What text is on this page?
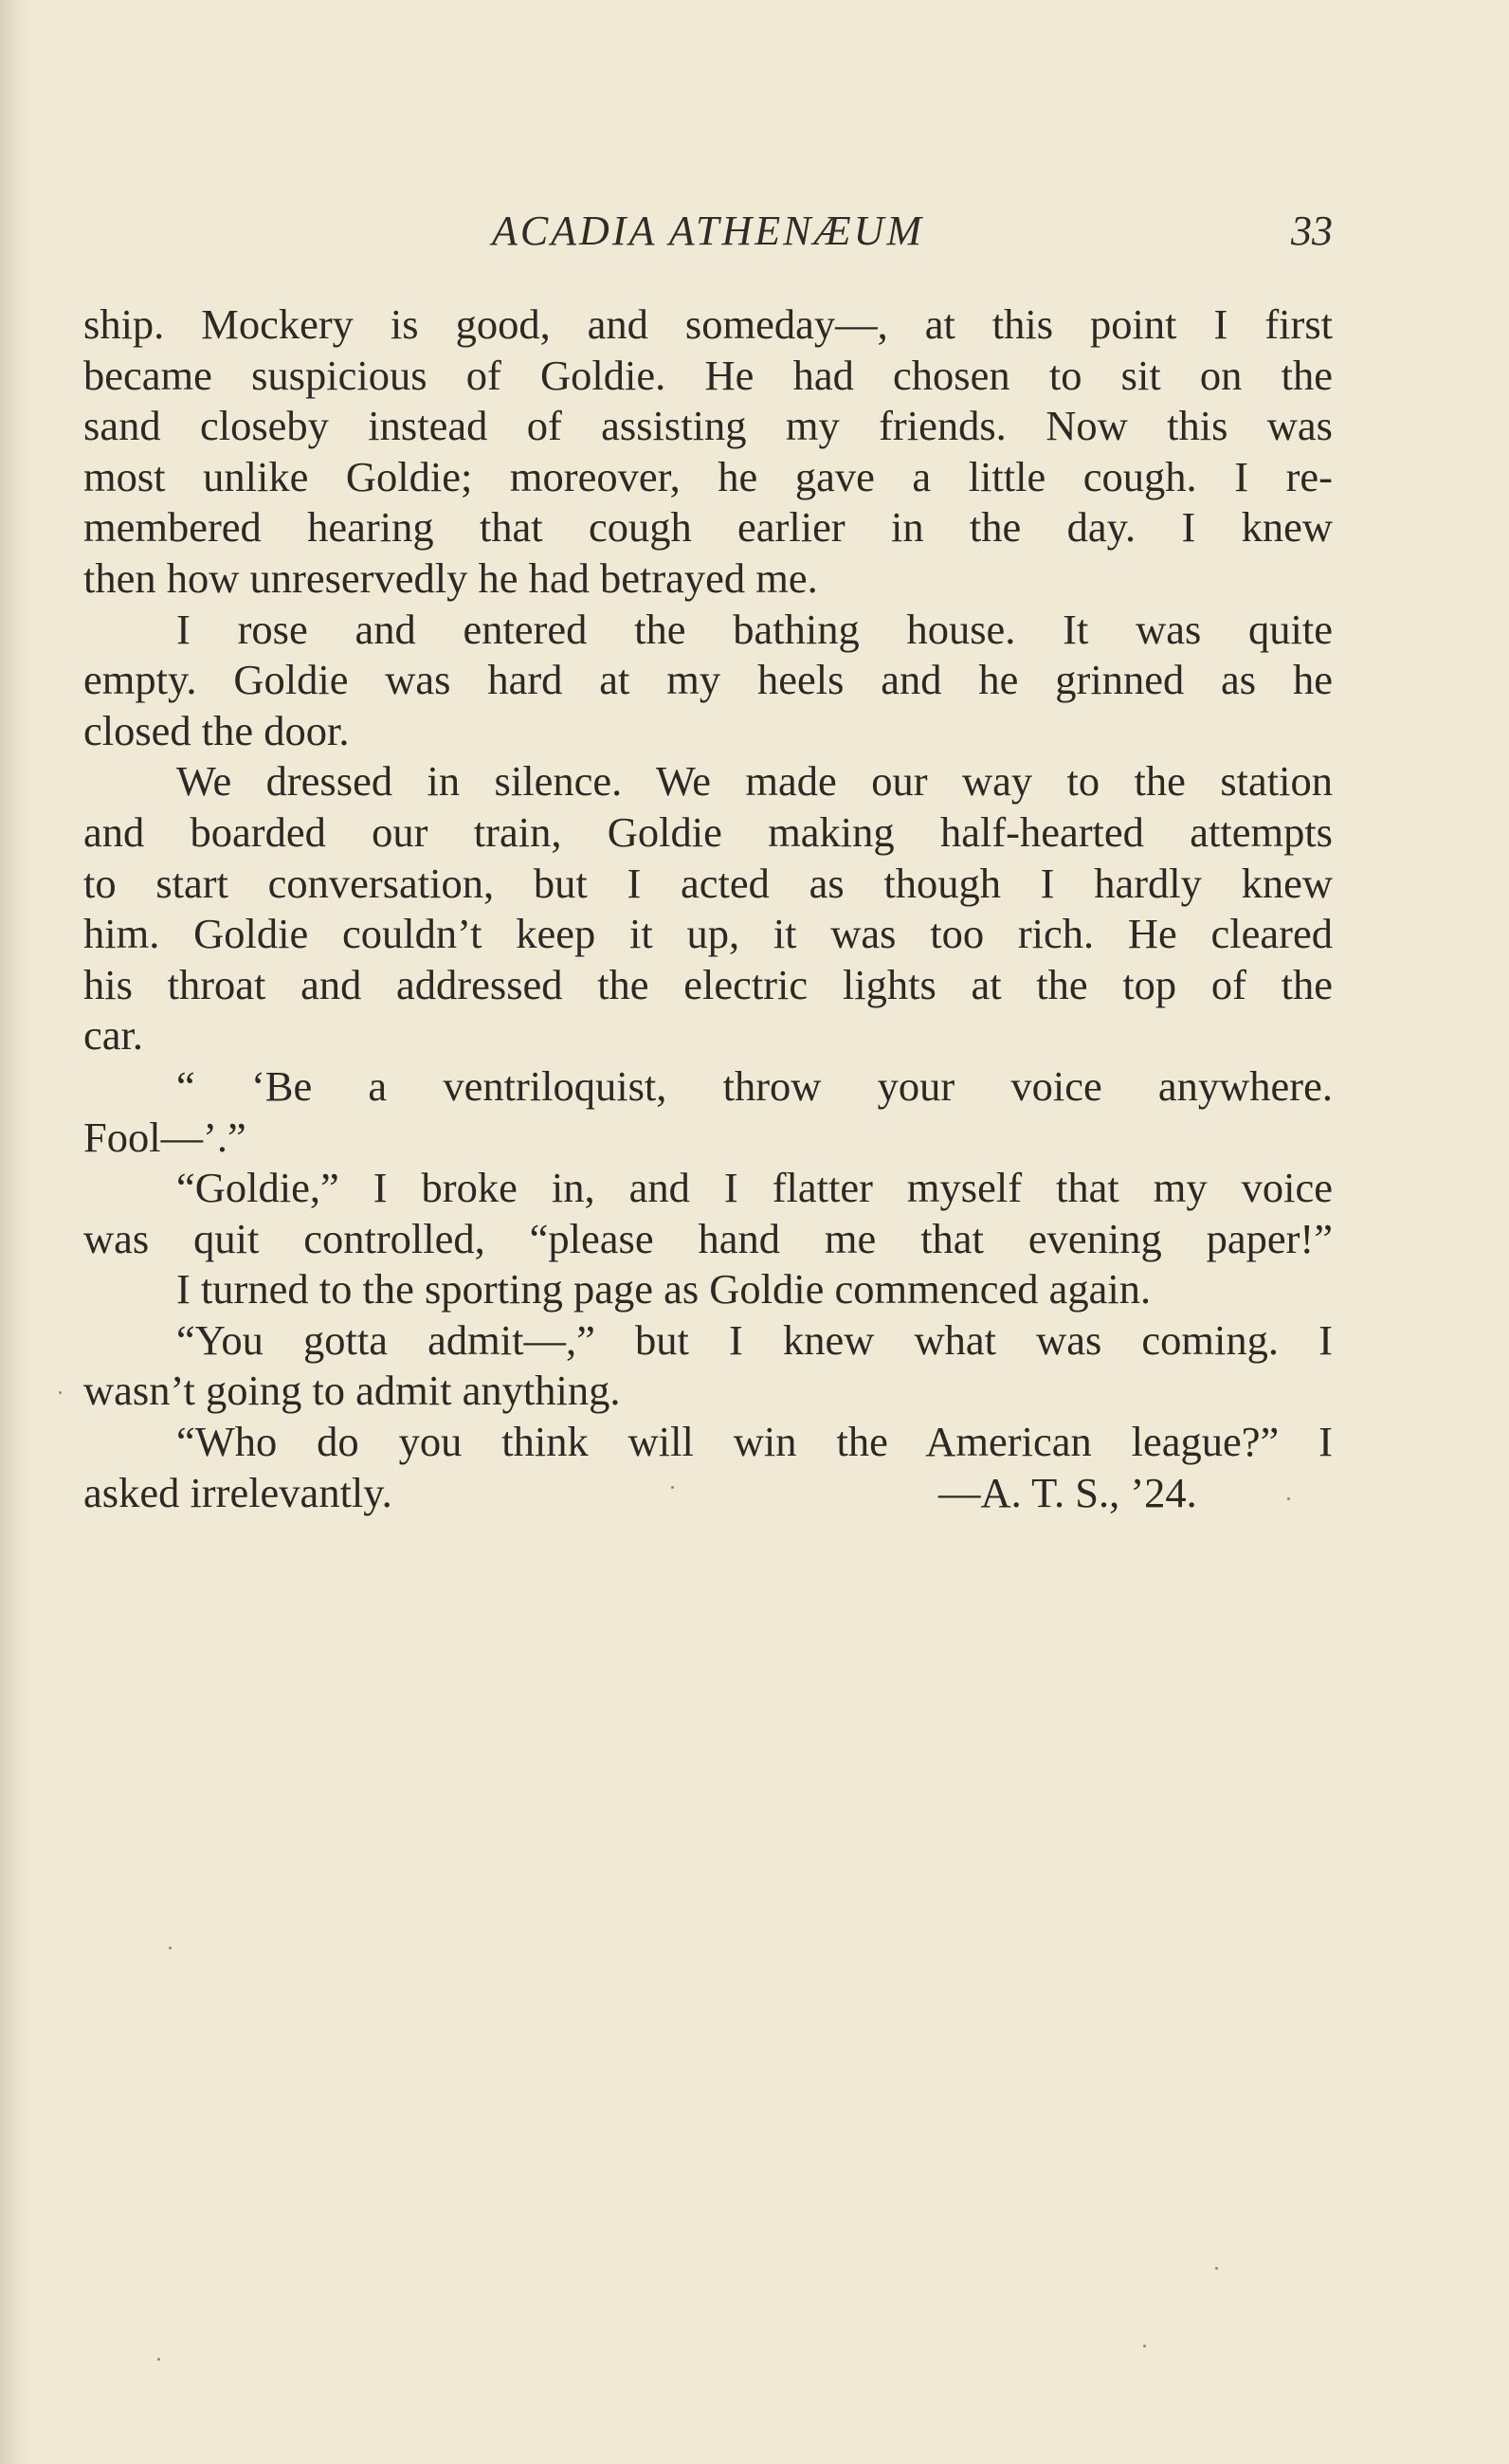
ACADIA ATHENÆUM	33
ship. Mockery is good, and someday—, at this point I first
became suspicious of Goldie. He had chosen to sit on the
sand closeby instead of assisting my friends. Now this was
most unlike Goldie; moreover, he gave a little cough. I re-
membered hearing that cough earlier in the day. I knew
then how unreservedly he had betrayed me.
I rose and entered the bathing house. It was quite
empty. Goldie was hard at my heels and he grinned as he
closed the door.
We dressed in silence. We made our way to the station
and boarded our train, Goldie making half-hearted attempts
to start conversation, but I acted as though I hardly knew
him. Goldie couldn’t keep it up, it was too rich. He cleared
his throat and addressed the electric lights at the top of the
car.
“ ‘Be a ventriloquist, throw your voice anywhere.
Fool—’.”
“Goldie,” I broke in, and I flatter myself that my voice
was quit controlled, “please hand me that evening paper!”
I turned to the sporting page as Goldie commenced again.
“You gotta admit—,” but I knew what was coming. I
wasn’t going to admit anything.
“Who do you think will win the American league?” I
asked irrelevantly.	—A. T. S., ’24.
